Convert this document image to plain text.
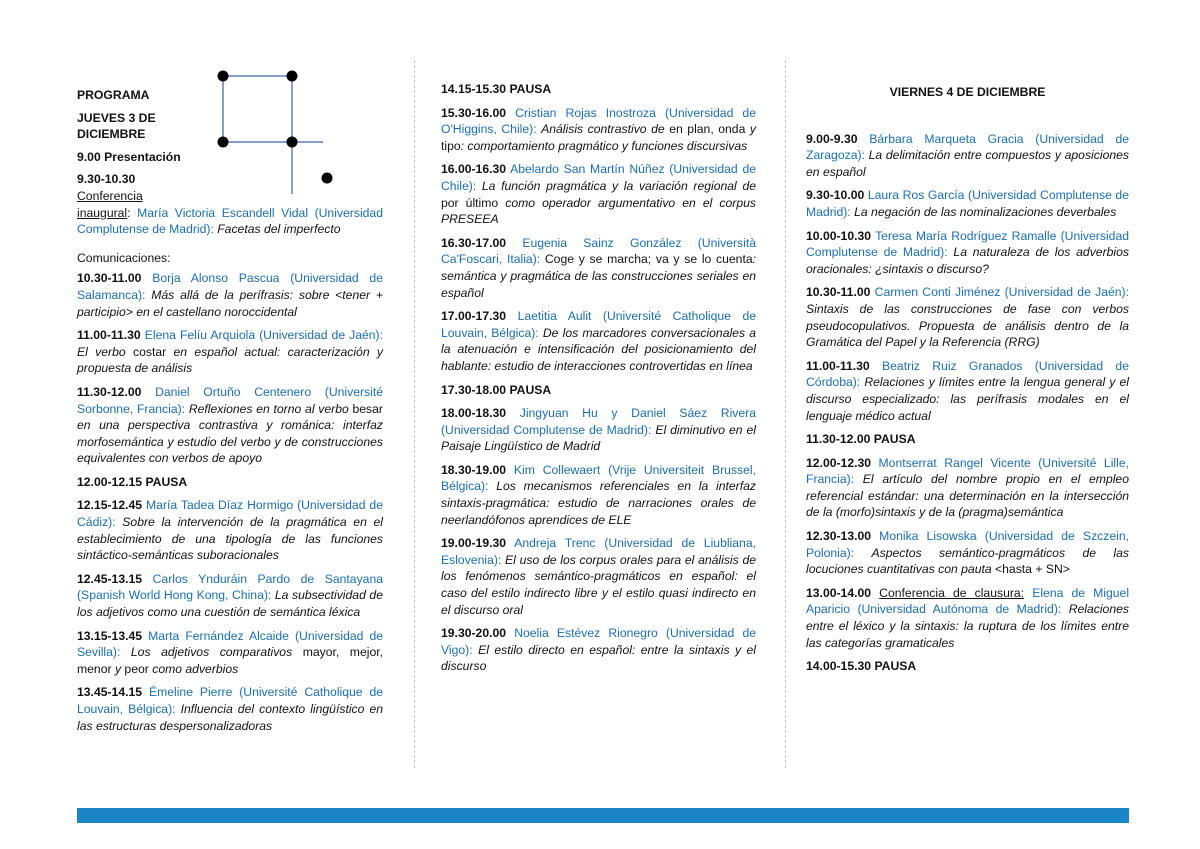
PROGRAMA
JUEVES 3 DE
DICIEMBRE
9.00 Presentación
9.30-10.30
Conferencia
inaugural: María Victoria Escandell Vidal (Universidad Complutense de Madrid): Facetas del imperfecto
Comunicaciones:
10.30-11.00 Borja Alonso Pascua (Universidad de Salamanca): Más allá de la perífrasis: sobre <tener + participio> en el castellano noroccidental
11.00-11.30 Elena Felíu Arquiola (Universidad de Jaén): El verbo costar en español actual: caracterización y propuesta de análisis
11.30-12.00 Daniel Ortuño Centenero (Université Sorbonne, Francia): Reflexiones en torno al verbo besar en una perspectiva contrastiva y románica: interfaz morfosemántica y estudio del verbo y de construcciones equivalentes con verbos de apoyo
12.00-12.15 PAUSA
12.15-12.45 María Tadea Díaz Hormigo (Universidad de Cádiz): Sobre la intervención de la pragmática en el establecimiento de una tipología de las funciones sintáctico-semánticas suboracionales
12.45-13.15 Carlos Ynduráin Pardo de Santayana (Spanish World Hong Kong, China): La subsectividad de los adjetivos como una cuestión de semántica léxica
13.15-13.45 Marta Fernández Alcaide (Universidad de Sevilla): Los adjetivos comparativos mayor, mejor, menor y peor como adverbios
13.45-14.15 Émeline Pierre (Université Catholique de Louvain, Bélgica): Influencia del contexto lingüístico en las estructuras despersonalizadoras
14.15-15.30 PAUSA
15.30-16.00 Cristian Rojas Inostroza (Universidad de O'Higgins, Chile): Análisis contrastivo de en plan, onda y tipo: comportamiento pragmático y funciones discursivas
16.00-16.30 Abelardo San Martín Núñez (Universidad de Chile): La función pragmática y la variación regional de por último como operador argumentativo en el corpus PRESEEA
16.30-17.00 Eugenia Sainz González (Università Ca'Foscari, Italia): Coge y se marcha; va y se lo cuenta: semántica y pragmática de las construcciones seriales en español
17.00-17.30 Laetitia Aulit (Université Catholique de Louvain, Bélgica): De los marcadores conversacionales a la atenuación e intensificación del posicionamiento del hablante: estudio de interacciones controvertidas en línea
17.30-18.00 PAUSA
18.00-18.30 Jingyuan Hu y Daniel Sáez Rivera (Universidad Complutense de Madrid): El diminutivo en el Paisaje Lingüístico de Madrid
18.30-19.00 Kim Collewaert (Vrije Universiteit Brussel, Bélgica): Los mecanismos referenciales en la interfaz sintaxis-pragmática: estudio de narraciones orales de neerlandófonos aprendices de ELE
19.00-19.30 Andreja Trenc (Universidad de Liubliana, Eslovenia): El uso de los corpus orales para el análisis de los fenómenos semántico-pragmáticos en español: el caso del estilo indirecto libre y el estilo quasi indirecto en el discurso oral
19.30-20.00 Noelia Estévez Rionegro (Universidad de Vigo): El estilo directo en español: entre la sintaxis y el discurso
VIERNES 4 DE DICIEMBRE
9.00-9.30 Bárbara Marqueta Gracia (Universidad de Zaragoza): La delimitación entre compuestos y aposiciones en español
9.30-10.00 Laura Ros García (Universidad Complutense de Madrid): La negación de las nominalizaciones deverbales
10.00-10.30 Teresa María Rodríguez Ramalle (Universidad Complutense de Madrid): La naturaleza de los adverbios oracionales: ¿sintaxis o discurso?
10.30-11.00 Carmen Conti Jiménez (Universidad de Jaén): Sintaxis de las construcciones de fase con verbos pseudocopulativos. Propuesta de análisis dentro de la Gramática del Papel y la Referencia (RRG)
11.00-11.30 Beatriz Ruiz Granados (Universidad de Córdoba): Relaciones y límites entre la lengua general y el discurso especializado: las perífrasis modales en el lenguaje médico actual
11.30-12.00 PAUSA
12.00-12.30 Montserrat Rangel Vicente (Université Lille, Francia): El artículo del nombre propio en el empleo referencial estándar: una determinación en la intersección de la (morfo)sintaxis y de la (pragma)semántica
12.30-13.00 Monika Lisowska (Universidad de Szczein, Polonia): Aspectos semántico-pragmáticos de las locuciones cuantitativas con pauta <hasta + SN>
13.00-14.00 Conferencia de clausura: Elena de Miguel Aparicio (Universidad Autónoma de Madrid): Relaciones entre el léxico y la sintaxis: la ruptura de los límites entre las categorías gramaticales
14.00-15.30 PAUSA
